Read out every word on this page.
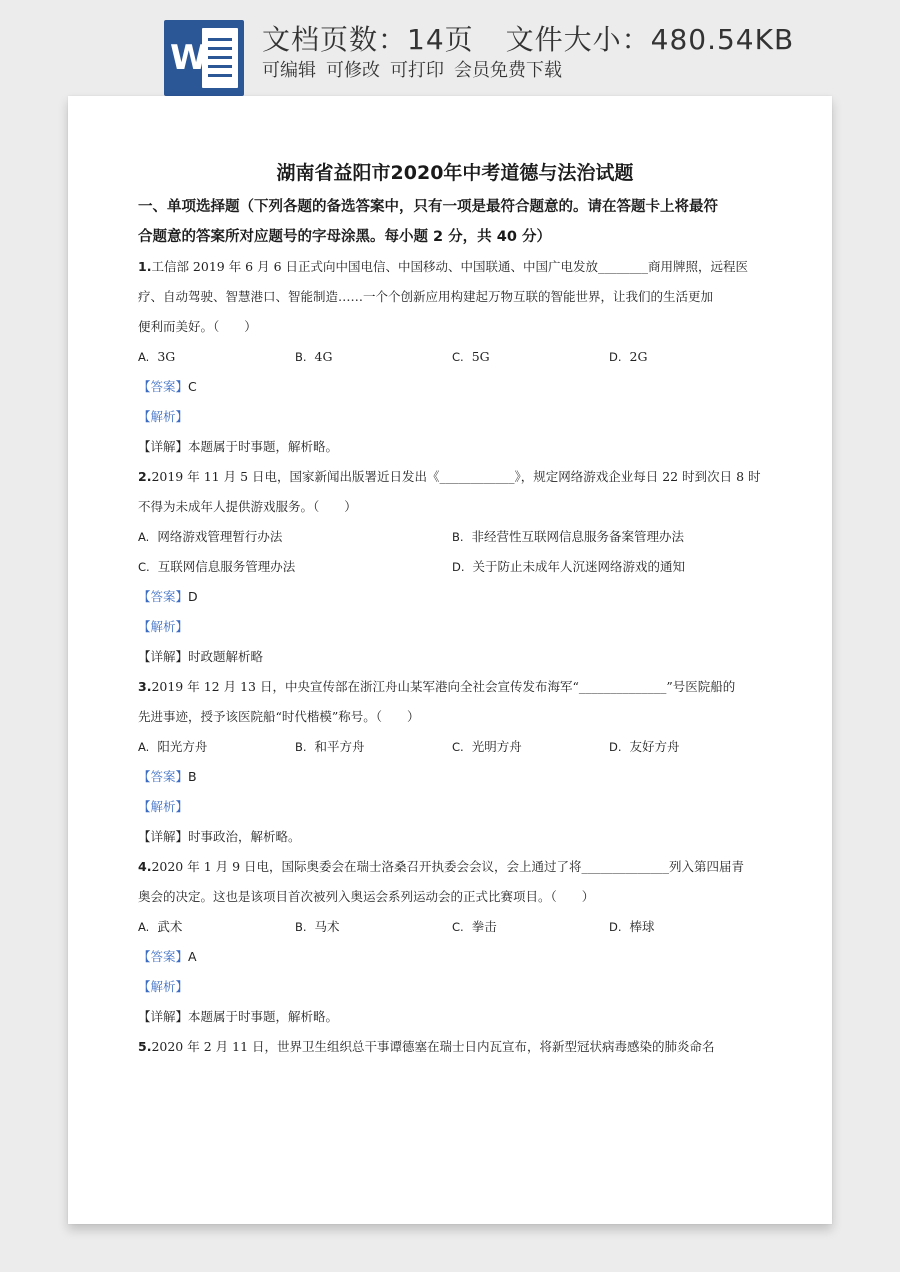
W 文档页数：14页 文件大小：480.54KB
可编辑 可修改 可打印 会员免费下载
湖南省益阳市2020年中考道德与法治试题
一、单项选择题（下列各题的备选答案中，只有一项是最符合题意的。请在答题卡上将最符
合题意的答案所对应题号的字母涂黑。每小题 2 分，共 40 分）
1.工信部 2019 年 6 月 6 日正式向中国电信、中国移动、中国联通、中国广电发放________商用牌照，远程医
疗、自动驾驶、智慧港口、智能制造……一个个创新应用构建起万物互联的智能世界，让我们的生活更加
便利而美好。（　　）
A. 3G	B. 4G	C. 5G	D. 2G
【答案】C
【解析】
【详解】本题属于时事题，解析略。
2.2019 年 11 月 5 日电，国家新闻出版署近日发出《____________》，规定网络游戏企业每日 22 时到次日 8 时
不得为未成年人提供游戏服务。（　　）
A. 网络游戏管理暂行办法	B. 非经营性互联网信息服务备案管理办法
C. 互联网信息服务管理办法	D. 关于防止未成年人沉迷网络游戏的通知
【答案】D
【解析】
【详解】时政题解析略
3.2019 年 12 月 13 日，中央宣传部在浙江舟山某军港向全社会宣传发布海军“______________”号医院船的
先进事迹，授予该医院船“时代楷模”称号。（　　）
A. 阳光方舟	B. 和平方舟	C. 光明方舟	D. 友好方舟
【答案】B
【解析】
【详解】时事政治，解析略。
4.2020 年 1 月 9 日电，国际奥委会在瑞士洛桑召开执委会会议，会上通过了将______________列入第四届青
奥会的决定。这也是该项目首次被列入奥运会系列运动会的正式比赛项目。（　　）
A. 武术	B. 马术	C. 拳击	D. 棒球
【答案】A
【解析】
【详解】本题属于时事题，解析略。
5.2020 年 2 月 11 日，世界卫生组织总干事谭德塞在瑞士日内瓦宣布，将新型冠状病毒感染的肺炎命名
